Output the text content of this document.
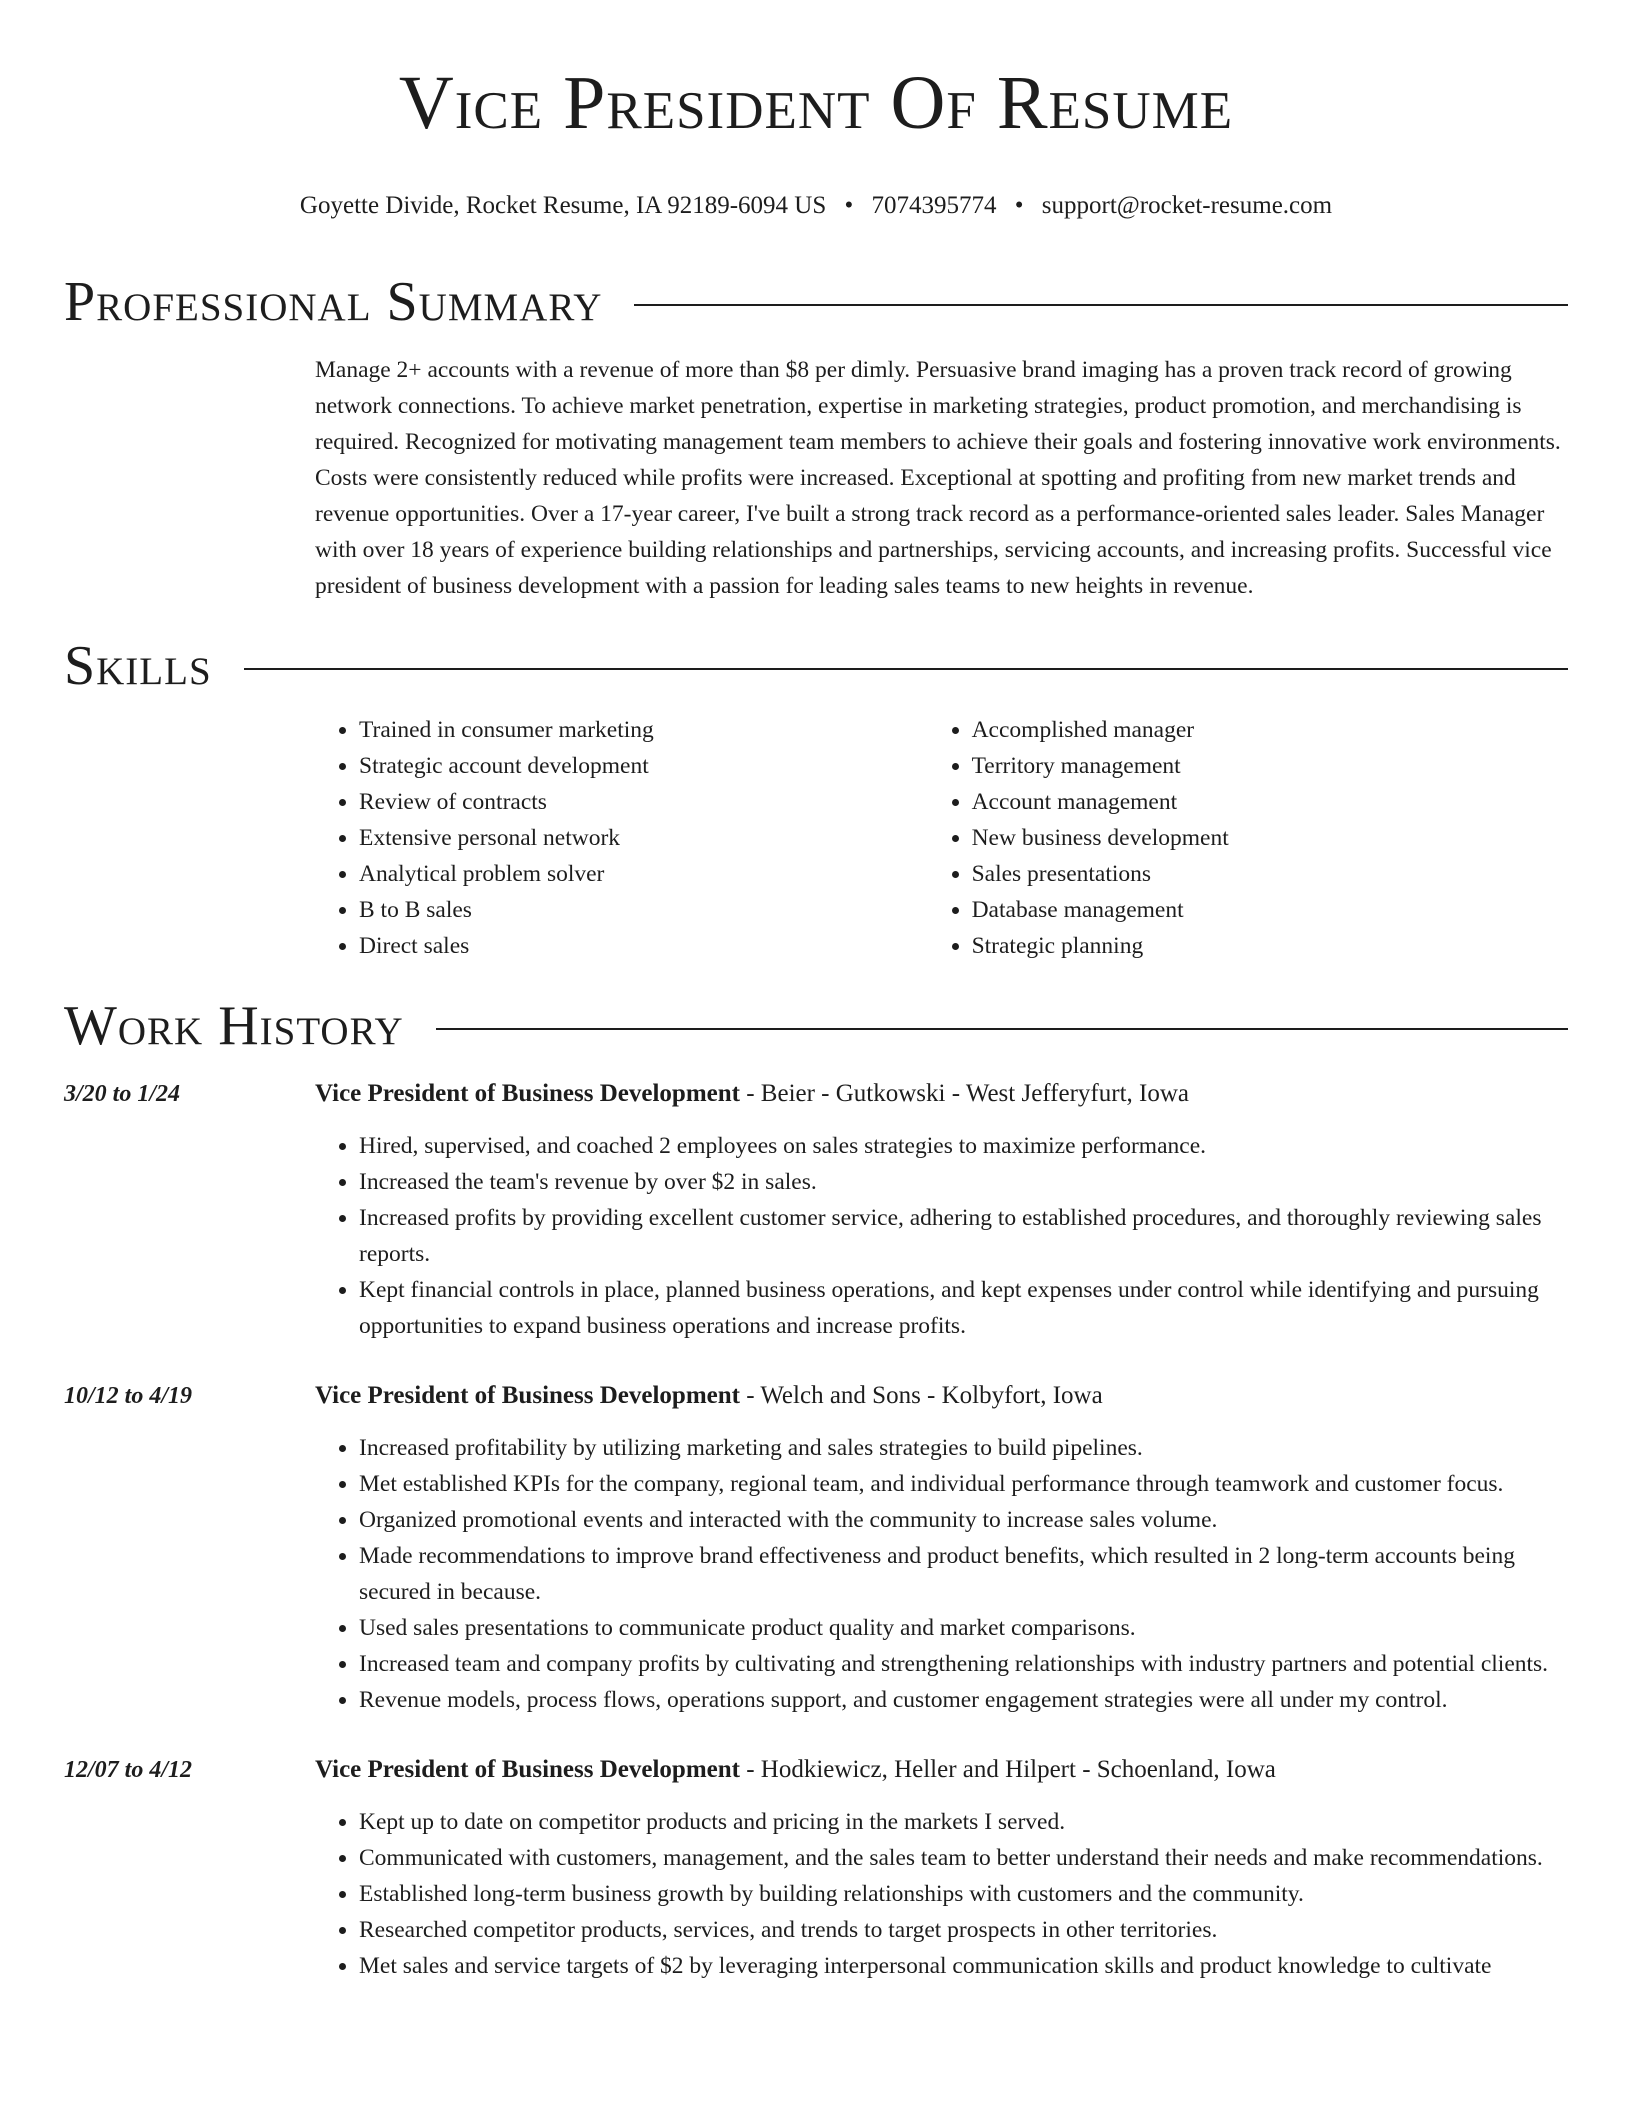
Vice President Of Resume
Goyette Divide, Rocket Resume, IA 92189-6094 US • 7074395774 • support@rocket-resume.com
Professional Summary
Manage 2+ accounts with a revenue of more than $8 per dimly. Persuasive brand imaging has a proven track record of growing network connections. To achieve market penetration, expertise in marketing strategies, product promotion, and merchandising is required. Recognized for motivating management team members to achieve their goals and fostering innovative work environments. Costs were consistently reduced while profits were increased. Exceptional at spotting and profiting from new market trends and revenue opportunities. Over a 17-year career, I've built a strong track record as a performance-oriented sales leader. Sales Manager with over 18 years of experience building relationships and partnerships, servicing accounts, and increasing profits. Successful vice president of business development with a passion for leading sales teams to new heights in revenue.
Skills
• Trained in consumer marketing
• Strategic account development
• Review of contracts
• Extensive personal network
• Analytical problem solver
• B to B sales
• Direct sales
• Accomplished manager
• Territory management
• Account management
• New business development
• Sales presentations
• Database management
• Strategic planning
Work History
3/20 to 1/24	Vice President of Business Development - Beier - Gutkowski - West Jefferyfurt, Iowa
• Hired, supervised, and coached 2 employees on sales strategies to maximize performance.
• Increased the team's revenue by over $2 in sales.
• Increased profits by providing excellent customer service, adhering to established procedures, and thoroughly reviewing sales reports.
• Kept financial controls in place, planned business operations, and kept expenses under control while identifying and pursuing opportunities to expand business operations and increase profits.
10/12 to 4/19	Vice President of Business Development - Welch and Sons - Kolbyfort, Iowa
• Increased profitability by utilizing marketing and sales strategies to build pipelines.
• Met established KPIs for the company, regional team, and individual performance through teamwork and customer focus.
• Organized promotional events and interacted with the community to increase sales volume.
• Made recommendations to improve brand effectiveness and product benefits, which resulted in 2 long-term accounts being secured in because.
• Used sales presentations to communicate product quality and market comparisons.
• Increased team and company profits by cultivating and strengthening relationships with industry partners and potential clients.
• Revenue models, process flows, operations support, and customer engagement strategies were all under my control.
12/07 to 4/12	Vice President of Business Development - Hodkiewicz, Heller and Hilpert - Schoenland, Iowa
• Kept up to date on competitor products and pricing in the markets I served.
• Communicated with customers, management, and the sales team to better understand their needs and make recommendations.
• Established long-term business growth by building relationships with customers and the community.
• Researched competitor products, services, and trends to target prospects in other territories.
• Met sales and service targets of $2 by leveraging interpersonal communication skills and product knowledge to cultivate
